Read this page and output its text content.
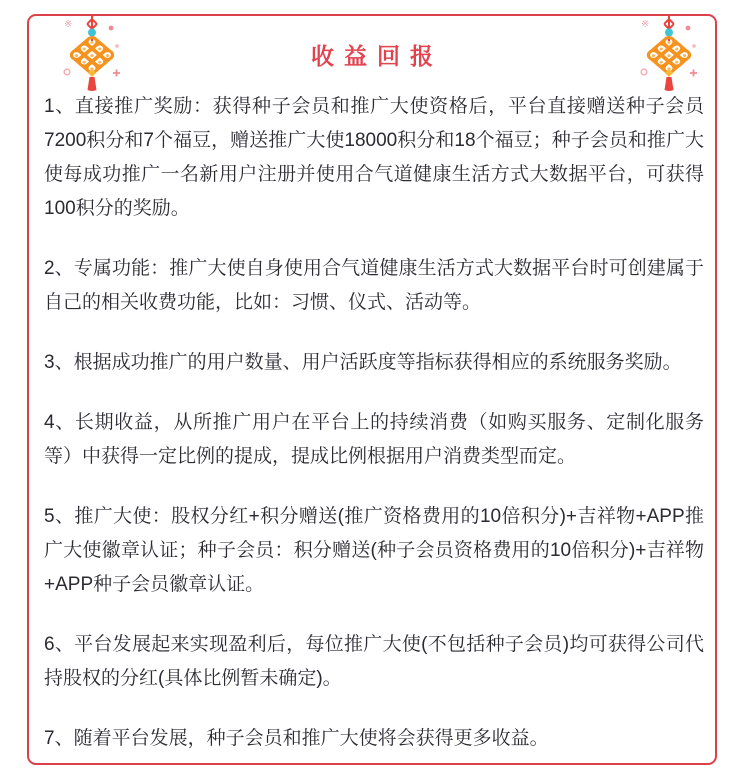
收益回报

1、直接推广奖励：获得种子会员和推广大使资格后，平台直接赠送种子会员7200积分和7个福豆，赠送推广大使18000积分和18个福豆；种子会员和推广大使每成功推广一名新用户注册并使用合气道健康生活方式大数据平台，可获得100积分的奖励。

2、专属功能：推广大使自身使用合气道健康生活方式大数据平台时可创建属于自己的相关收费功能，比如：习惯、仪式、活动等。

3、根据成功推广的用户数量、用户活跃度等指标获得相应的系统服务奖励。

4、长期收益，从所推广用户在平台上的持续消费（如购买服务、定制化服务等）中获得一定比例的提成，提成比例根据用户消费类型而定。

5、推广大使：股权分红+积分赠送(推广资格费用的10倍积分)+吉祥物+APP推广大使徽章认证；种子会员：积分赠送(种子会员资格费用的10倍积分)+吉祥物+APP种子会员徽章认证。

6、平台发展起来实现盈利后，每位推广大使(不包括种子会员)均可获得公司代持股权的分红(具体比例暂未确定)。

7、随着平台发展，种子会员和推广大使将会获得更多收益。

※	※
